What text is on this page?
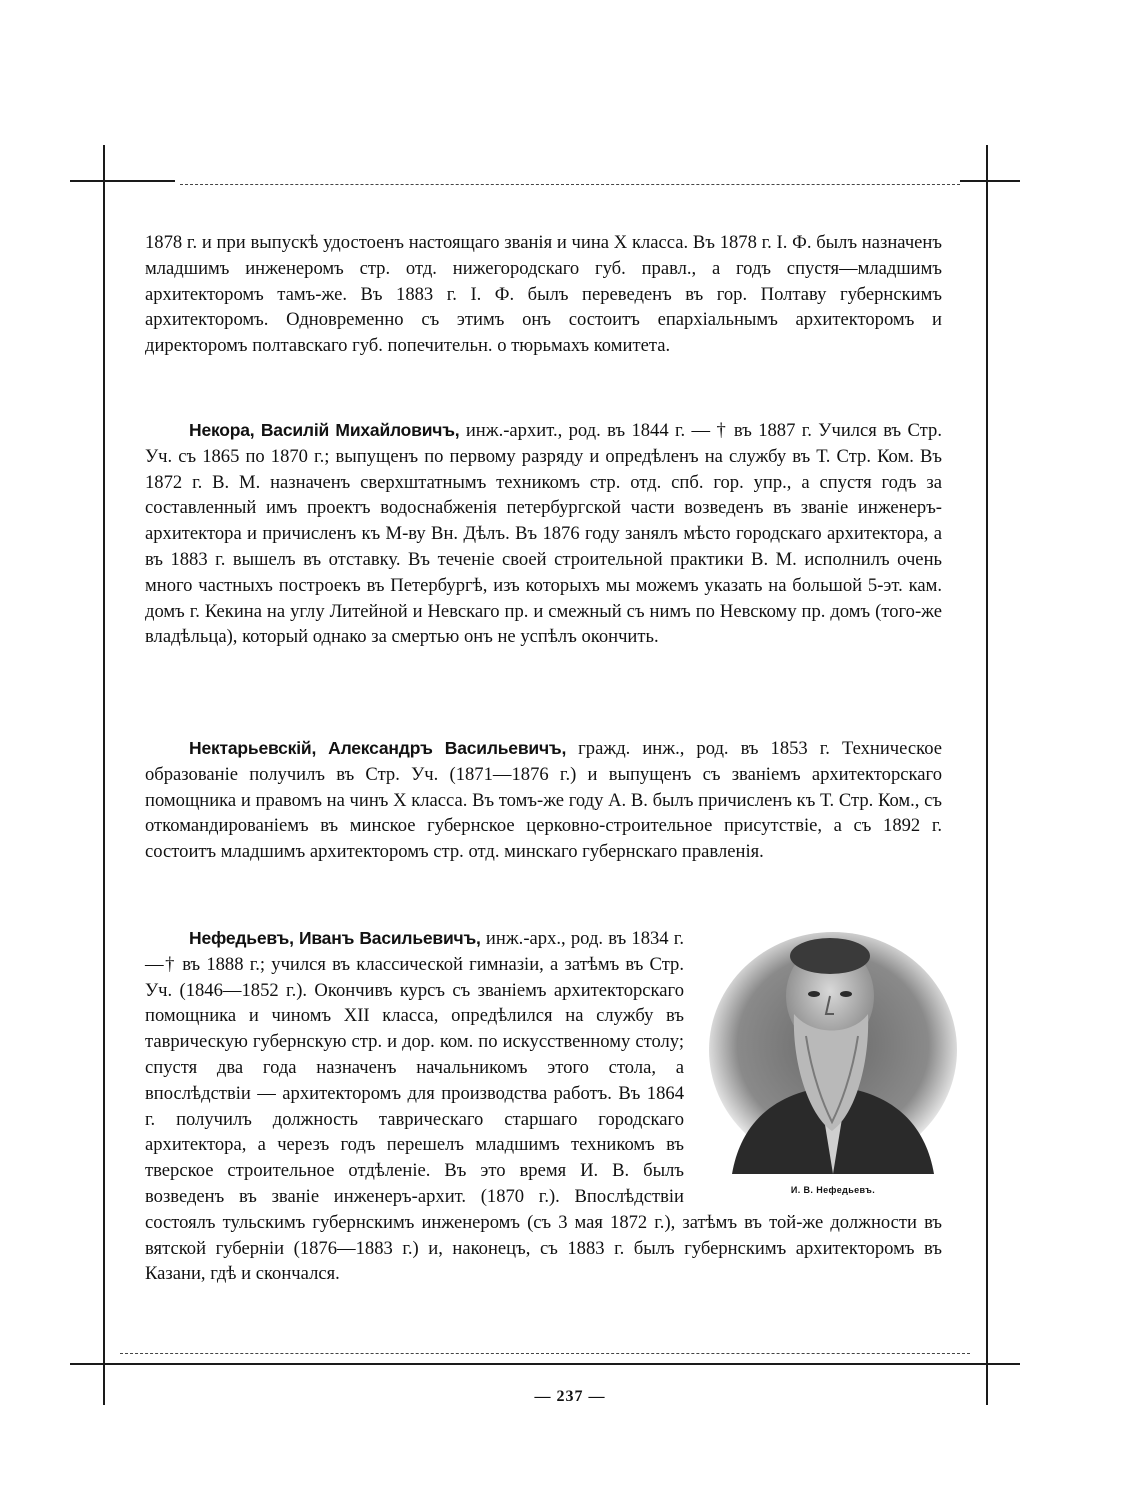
1878 г. и при выпускѣ удостоенъ настоящаго званія и чина X класса. Въ 1878 г. I. Ф. былъ назначенъ младшимъ инженеромъ стр. отд. нижегородскаго губ. правл., а годъ спустя—младшимъ архитекторомъ тамъ-же. Въ 1883 г. I. Ф. былъ переведенъ въ гор. Полтаву губернскимъ архитекторомъ. Одновременно съ этимъ онъ состоитъ епархіальнымъ архитекторомъ и директоромъ полтавскаго губ. попечительн. о тюрьмахъ комитета.

Некора, Василій Михайловичъ, инж.-архит., род. въ 1844 г. — † въ 1887 г. Учился въ Стр. Уч. съ 1865 по 1870 г.; выпущенъ по первому разряду и опредѣленъ на службу въ Т. Стр. Ком. Въ 1872 г. В. М. назначенъ сверхштатнымъ техникомъ стр. отд. спб. гор. упр., а спустя годъ за составленный имъ проектъ водоснабженія петербургской части возведенъ въ званіе инженеръ-архитектора и причисленъ къ М-ву Вн. Дѣлъ. Въ 1876 году занялъ мѣсто городскаго архитектора, а въ 1883 г. вышелъ въ отставку. Въ теченіе своей строительной практики В. М. исполнилъ очень много частныхъ построекъ въ Петербургѣ, изъ которыхъ мы можемъ указать на большой 5-эт. кам. домъ г. Кекина на углу Литейной и Невскаго пр. и смежный съ нимъ по Невскому пр. домъ (того-же владѣльца), который однако за смертью онъ не успѣлъ окончить.

Нектарьевскій, Александръ Васильевичъ, гражд. инж., род. въ 1853 г. Техническое образованіе получилъ въ Стр. Уч. (1871—1876 г.) и выпущенъ съ званіемъ архитекторскаго помощника и правомъ на чинъ X класса. Въ томъ-же году А. В. былъ причисленъ къ Т. Стр. Ком., съ откомандированіемъ въ минское губернское церковно-строительное присутствіе, а съ 1892 г. состоитъ младшимъ архитекторомъ стр. отд. минскаго губернскаго правленія.

И. В. Нефедьевъ.

Нефедьевъ, Иванъ Васильевичъ, инж.-арх., род. въ 1834 г.—† въ 1888 г.; учился въ классической гимназіи, а затѣмъ въ Стр. Уч. (1846—1852 г.). Окончивъ курсъ съ званіемъ архитекторскаго помощника и чиномъ XII класса, опредѣлился на службу въ таврическую губернскую стр. и дор. ком. по искусственному столу; спустя два года назначенъ начальникомъ этого стола, а впослѣдствіи — архитекторомъ для производства работъ. Въ 1864 г. получилъ должность таврическаго старшаго городскаго архитектора, а черезъ годъ перешелъ младшимъ техникомъ въ тверское строительное отдѣленіе. Въ это время И. В. былъ возведенъ въ званіе инженеръ-архит. (1870 г.). Впослѣдствіи состоялъ тульскимъ губернскимъ инженеромъ (съ 3 мая 1872 г.), затѣмъ въ той-же должности въ вятской губерніи (1876—1883 г.) и, наконецъ, съ 1883 г. былъ губернскимъ архитекторомъ въ Казани, гдѣ и скончался.

— 237 —
